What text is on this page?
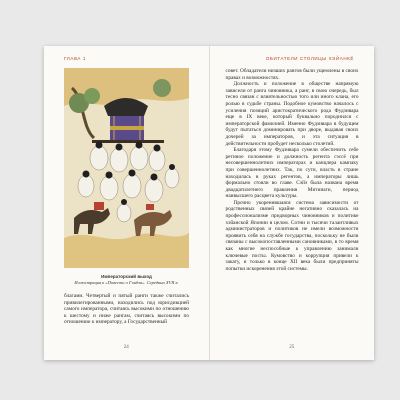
ГЛАВА 1
Императорский выход
Иллюстрация к «Повести о Гэндзи». Середина XVII в.

благами. Четвертый и пятый ранги также считались привилегированными, находились под юрисдикцией самого императора, считаясь высокими по отношению к шестому и ниже рангам, считаясь высокими по отношению к императору, а Государственный

24
ОБИТАТЕЛИ СТОЛИЦЫ ХЭЙАНКЁ

совет. Обладатели низших рангов были ущемлены в своих правах и возможностях.

Должность и положение в обществе напрямую зависели от ранга чиновника, а ранг, в свою очередь, был тесно связан с влиятельностью того или иного клана, его ролью в судьбе страны. Подобное кумовство началось с усиления позиций аристократического рода Фудзивара еще в IX веке, который буквально породнился с императорской фамилией. Именно Фудзивара в будущем будут пытаться доминировать при дворе, выдавая своих дочерей за императоров, и эта ситуация в действительности пробудет несколько столетий.

Благодаря этому Фудзивара сумели обеспечить себе ретиное положение и должность регента сэссё при несовершеннолетних императорах и канцлера кампаку при совершеннолетних. Так, по сути, власть в стране находилась в руках регентов, а императоры лишь формально стояли во главе. Сэйэ была названа время двадцатилетнего правления Митинаги, период наивысшего расцвета культуры.

Прочно укоренившаяся система зависимости от родственных связей крайне негативно сказалась на профессионализме придворных чиновников и политике хэйанской Японии в целом. Сотни и тысячи талантливых администраторов и политиков не имели возможности проявить себя на службе государства, поскольку не были связаны с высокопоставленными сановниками, в то время как многие неспособные к управлению занимали ключевые посты. Кумовство и коррупция привели к закату, и только в конце XII века были предприняты попытки искоренения этой системы.

25
